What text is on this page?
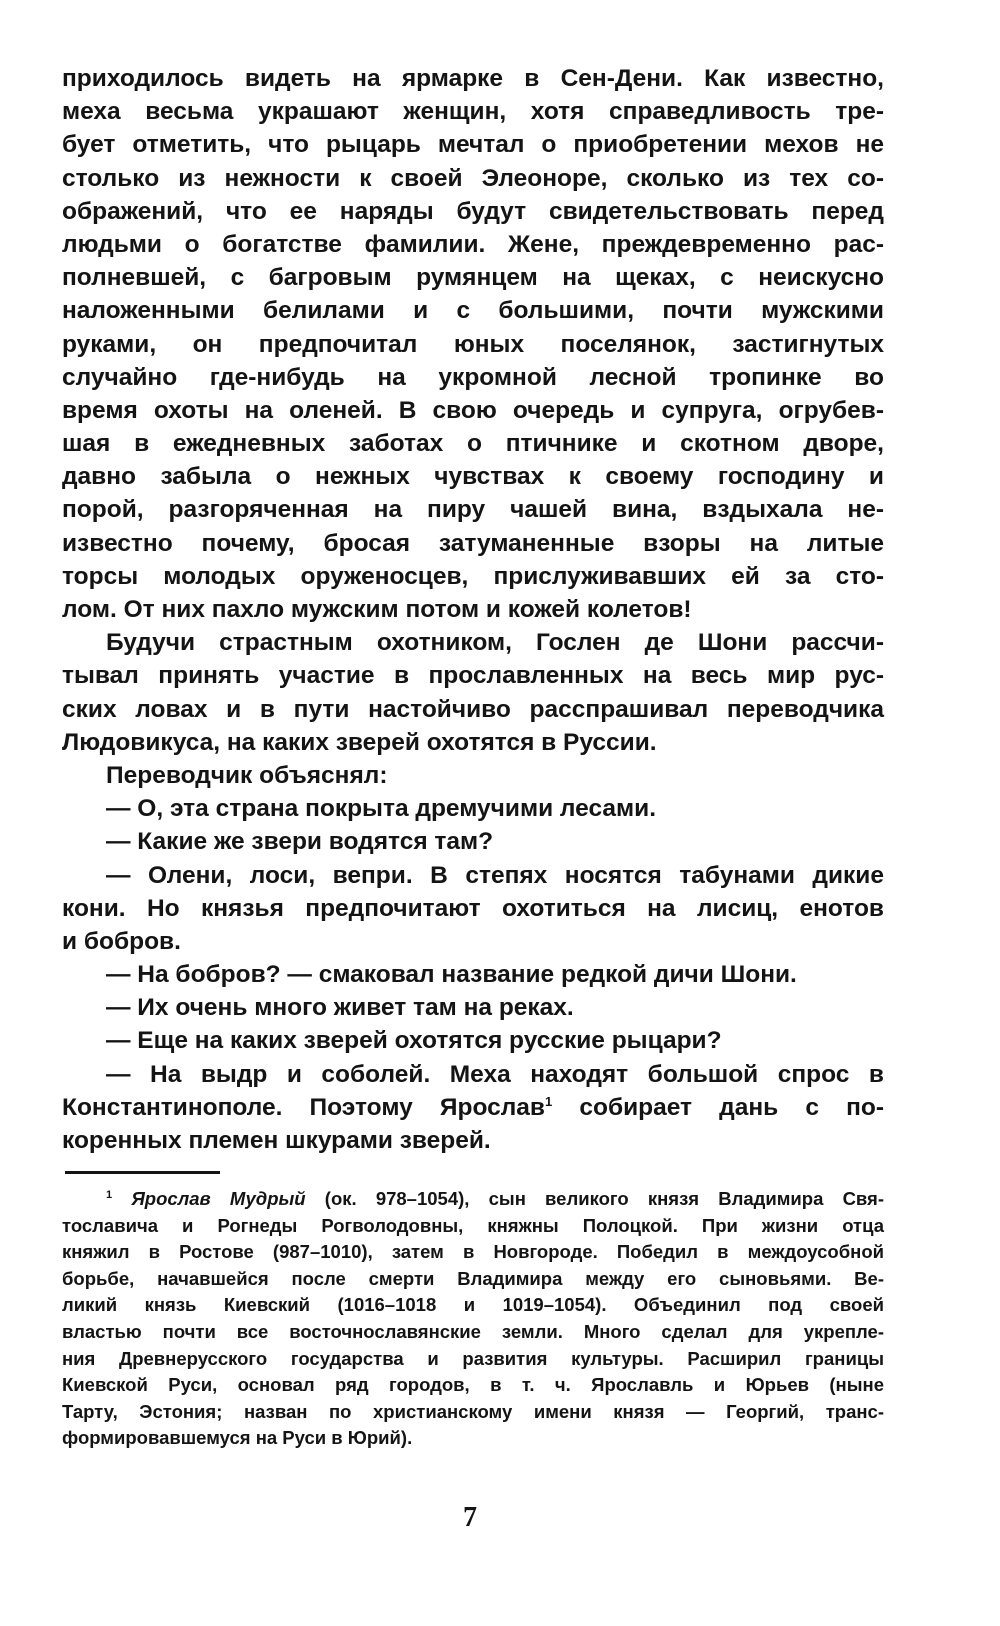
приходилось видеть на ярмарке в Сен-Дени. Как известно,
меха весьма украшают женщин, хотя справедливость тре-
бует отметить, что рыцарь мечтал о приобретении мехов не
столько из нежности к своей Элеоноре, сколько из тех со-
ображений, что ее наряды будут свидетельствовать перед
людьми о богатстве фамилии. Жене, преждевременно рас-
полневшей, с багровым румянцем на щеках, с неискусно
наложенными белилами и с большими, почти мужскими
руками, он предпочитал юных поселянок, застигнутых
случайно где-нибудь на укромной лесной тропинке во
время охоты на оленей. В свою очередь и супруга, огрубев-
шая в ежедневных заботах о птичнике и скотном дворе,
давно забыла о нежных чувствах к своему господину и
порой, разгоряченная на пиру чашей вина, вздыхала не-
известно почему, бросая затуманенные взоры на литые
торсы молодых оруженосцев, прислуживавших ей за сто-
лом. От них пахло мужским потом и кожей колетов!
Будучи страстным охотником, Гослен де Шони рассчи-
тывал принять участие в прославленных на весь мир рус-
ских ловах и в пути настойчиво расспрашивал переводчика
Людовикуса, на каких зверей охотятся в Руссии.
Переводчик объяснял:
— О, эта страна покрыта дремучими лесами.
— Какие же звери водятся там?
— Олени, лоси, вепри. В степях носятся табунами дикие
кони. Но князья предпочитают охотиться на лисиц, енотов
и бобров.
— На бобров? — смаковал название редкой дичи Шони.
— Их очень много живет там на реках.
— Еще на каких зверей охотятся русские рыцари?
— На выдр и соболей. Меха находят большой спрос в
Константинополе. Поэтому Ярослав$^1$ собирает дань с по-
коренных племен шкурами зверей.
$^1$ Ярослав Мудрый (ок. 978–1054), сын великого князя Владимира Свя-
тославича и Рогнеды Рогволодовны, княжны Полоцкой. При жизни отца
княжил в Ростове (987–1010), затем в Новгороде. Победил в междоусобной
борьбе, начавшейся после смерти Владимира между его сыновьями. Ве-
ликий князь Киевский (1016–1018 и 1019–1054). Объединил под своей
властью почти все восточнославянские земли. Много сделал для укрепле-
ния Древнерусского государства и развития культуры. Расширил границы
Киевской Руси, основал ряд городов, в т. ч. Ярославль и Юрьев (ныне
Тарту, Эстония; назван по христианскому имени князя — Георгий, транс-
формировавшемуся на Руси в Юрий).
7
